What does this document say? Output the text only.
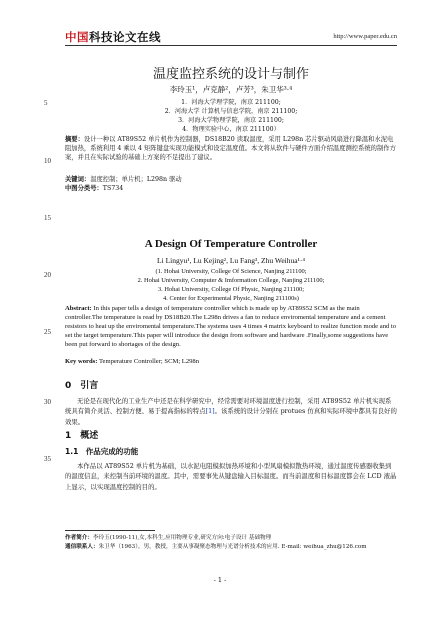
中国科技论文在线	http://www.paper.edu.cn
5
10
15
20
25
30
35
温度监控系统的设计与制作
李玲玉¹，卢克静²，卢芳³，朱卫华³·⁴
1．河海大学理学院，南京 211100;
2．河海大学 计算机与信息学院，南京 211100;
3．河海大学物理学院，南京 211100;
4．物理实验中心，南京 211100）
摘要：设计一种以 AT89S52 单片机作为控制器，DS18B20 读取温度，采用 L298n 芯片驱动风扇进行降温和水泥电阻加热，系统利用 4 乘以 4 矩阵键盘实现功能模式和设定温度值。本文将从软件与硬件方面介绍温度测控系统的制作方案，并且在实际试验的基础上方案的不足提出了建议。
关键词：温度控制；单片机；L298n 驱动
中图分类号：TS734
A Design Of Temperature Controller
Li Lingyu¹, Lu Kejing², Lu Fang³, Zhu Weihua¹·⁴
(1. Hohai University, College Of Science, Nanjing 211100;
2. Hohai University, Computer & Imformation College, Nanjing 211100;
3. Hohai University, College Of Physic, Nanjing 211100;
4. Center for Experimental Physic, Nanjing 211100s)
Abstract: In this paper tells a design of temperature controller which is made up by AT89S52 SCM as the main controller.The temperature is read by DS18B20.The L298n drives a fan to reduce enviromental temperature and a cement resistors to heat up the enviromental temperature.The systems uses 4 times 4 matrix keyboard to realize function mode and to set the target temperature.This paper will introduce the design from software and hardware .Finally,some suggestions have been put forward to shortages of the design.
Key words: Temperature Controller; SCM; L298n
0　引言
无论是在现代化的工业生产中还是在科学研究中，经常需要对环境温度进行控制，采用 AT89S52 单片机实现系统具有简介灵活、控制方便、易于提高指标的特点[1]。该系统的设计分别在 protues 仿真和实际环境中都具有良好的效果。
1　概述
1.1　作品完成的功能
本作品以 AT89S52 单片机为基础，以水泥电阻模拟加热环境和小型风扇模拟散热环境，通过温度传感器收集到的温度信息，来控制当前环境的温度。其中，需要事先从键盘输入目标温度。而当前温度和目标温度都会在 LCD 液晶上显示，以实现温度控制的目的。
作者简介：李玲玉(1990-11),女,本科生,应用物理专业,研究方向:电子设计 基础物理
通信联系人：朱卫华（1963），男，教授，主要从事凝聚态物理与光谱分析技术的应用. E-mail: weihua_zhu@126.com
- 1 -
